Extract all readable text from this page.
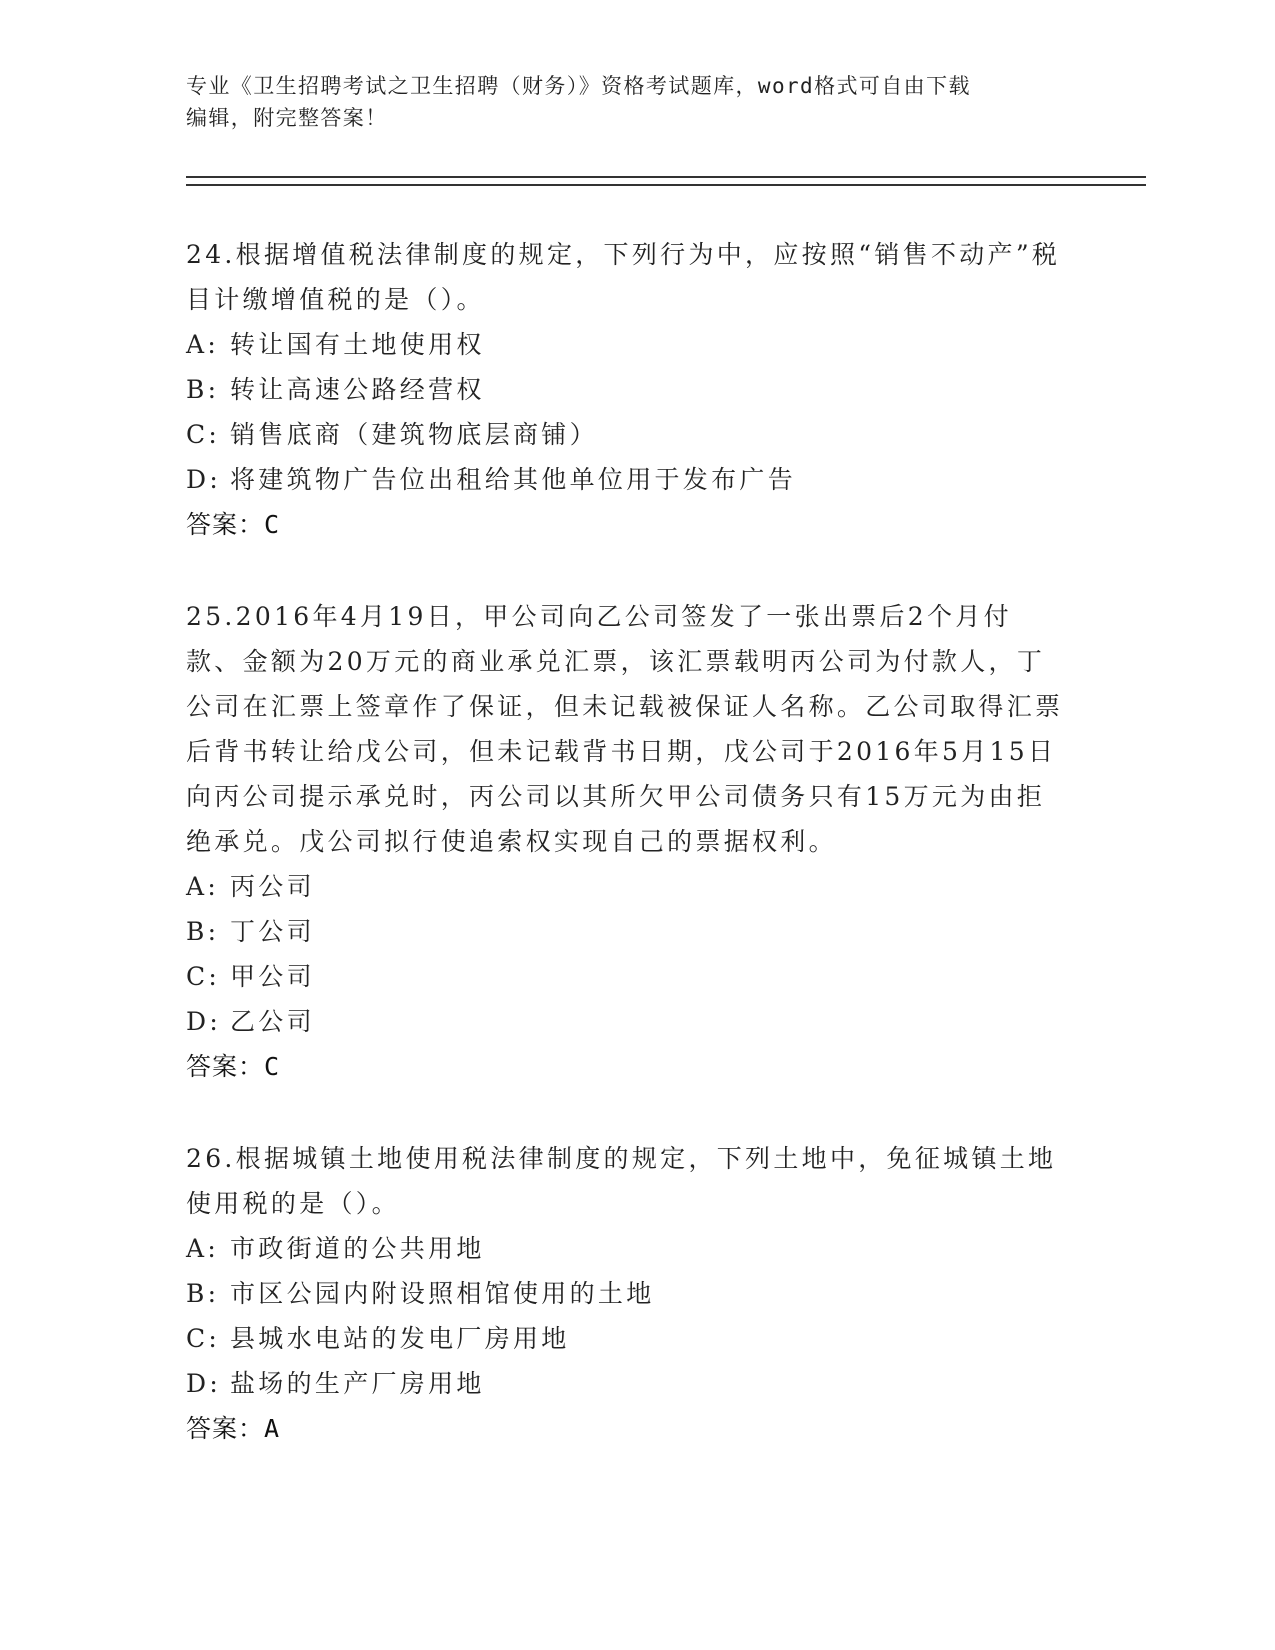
专业《卫生招聘考试之卫生招聘（财务）》资格考试题库，word格式可自由下载
编辑，附完整答案！
24.根据增值税法律制度的规定，下列行为中，应按照“销售不动产”税目计缴增值税的是（）。
A: 转让国有土地使用权
B: 转让高速公路经营权
C: 销售底商（建筑物底层商铺）
D: 将建筑物广告位出租给其他单位用于发布广告
答案：C
25.2016年4月19日，甲公司向乙公司签发了一张出票后2个月付款、金额为20万元的商业承兑汇票，该汇票载明丙公司为付款人，丁公司在汇票上签章作了保证，但未记载被保证人名称。乙公司取得汇票后背书转让给戊公司，但未记载背书日期，戊公司于2016年5月15日向丙公司提示承兑时，丙公司以其所欠甲公司债务只有15万元为由拒绝承兑。戊公司拟行使追索权实现自己的票据权利。
A: 丙公司
B: 丁公司
C: 甲公司
D: 乙公司
答案：C
26.根据城镇土地使用税法律制度的规定，下列土地中，免征城镇土地使用税的是（）。
A: 市政街道的公共用地
B: 市区公园内附设照相馆使用的土地
C: 县城水电站的发电厂房用地
D: 盐场的生产厂房用地
答案：A
